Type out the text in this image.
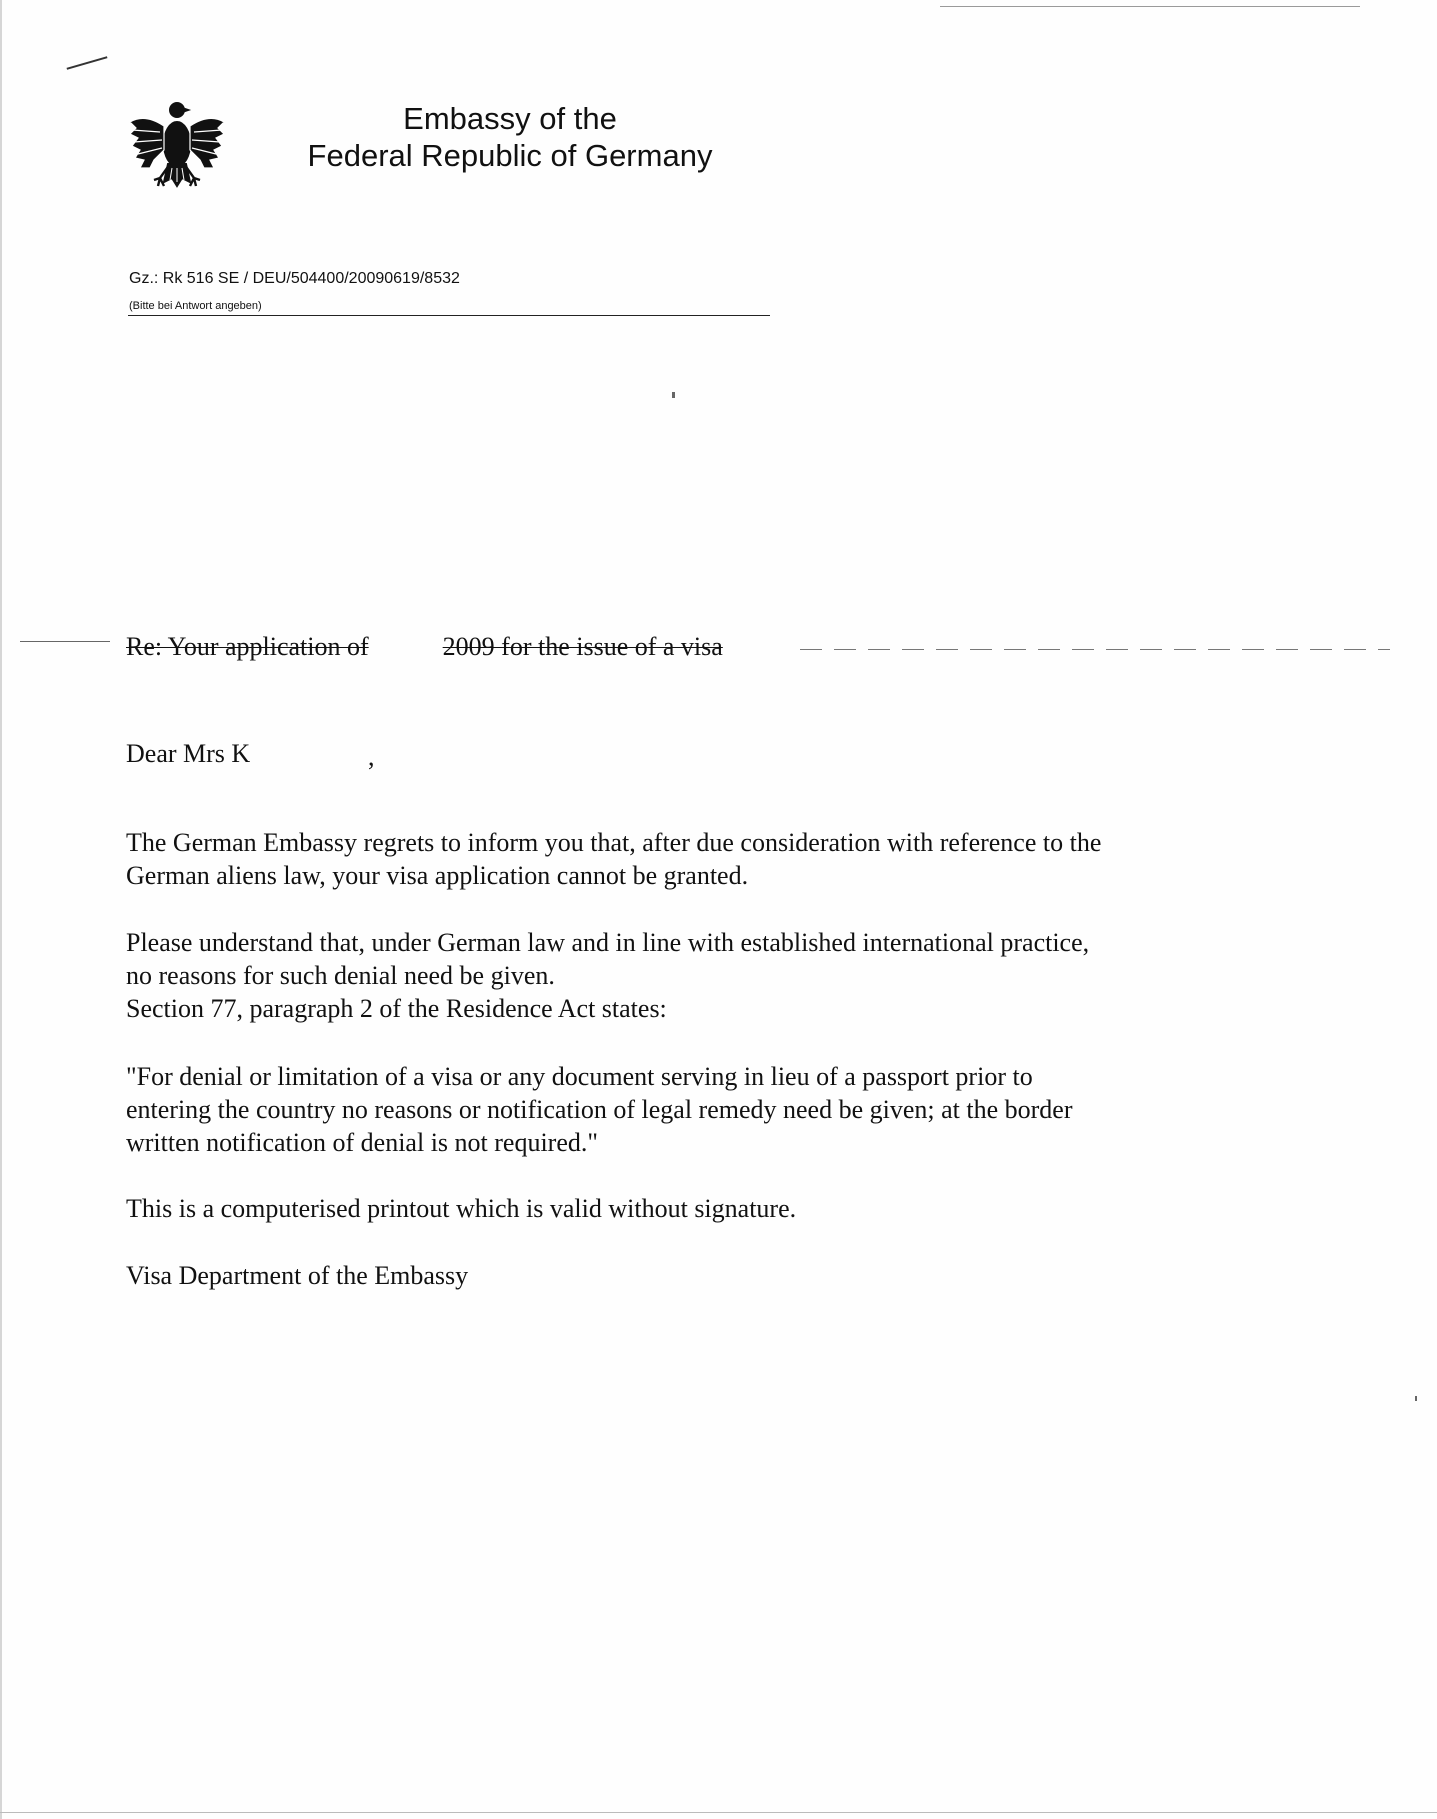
Embassy of the
Federal Republic of Germany
Gz.: Rk 516 SE / DEU/504400/20090619/8532
(Bitte bei Antwort angeben)
Re: Your application of	2009 for the issue of a visa
Dear Mrs K	,

The German Embassy regrets to inform you that, after due consideration with reference to the
German aliens law, your visa application cannot be granted.

Please understand that, under German law and in line with established international practice,
no reasons for such denial need be given.
Section 77, paragraph 2 of the Residence Act states:

"For denial or limitation of a visa or any document serving in lieu of a passport prior to
entering the country no reasons or notification of legal remedy need be given; at the border
written notification of denial is not required."

This is a computerised printout which is valid without signature.

Visa Department of the Embassy
